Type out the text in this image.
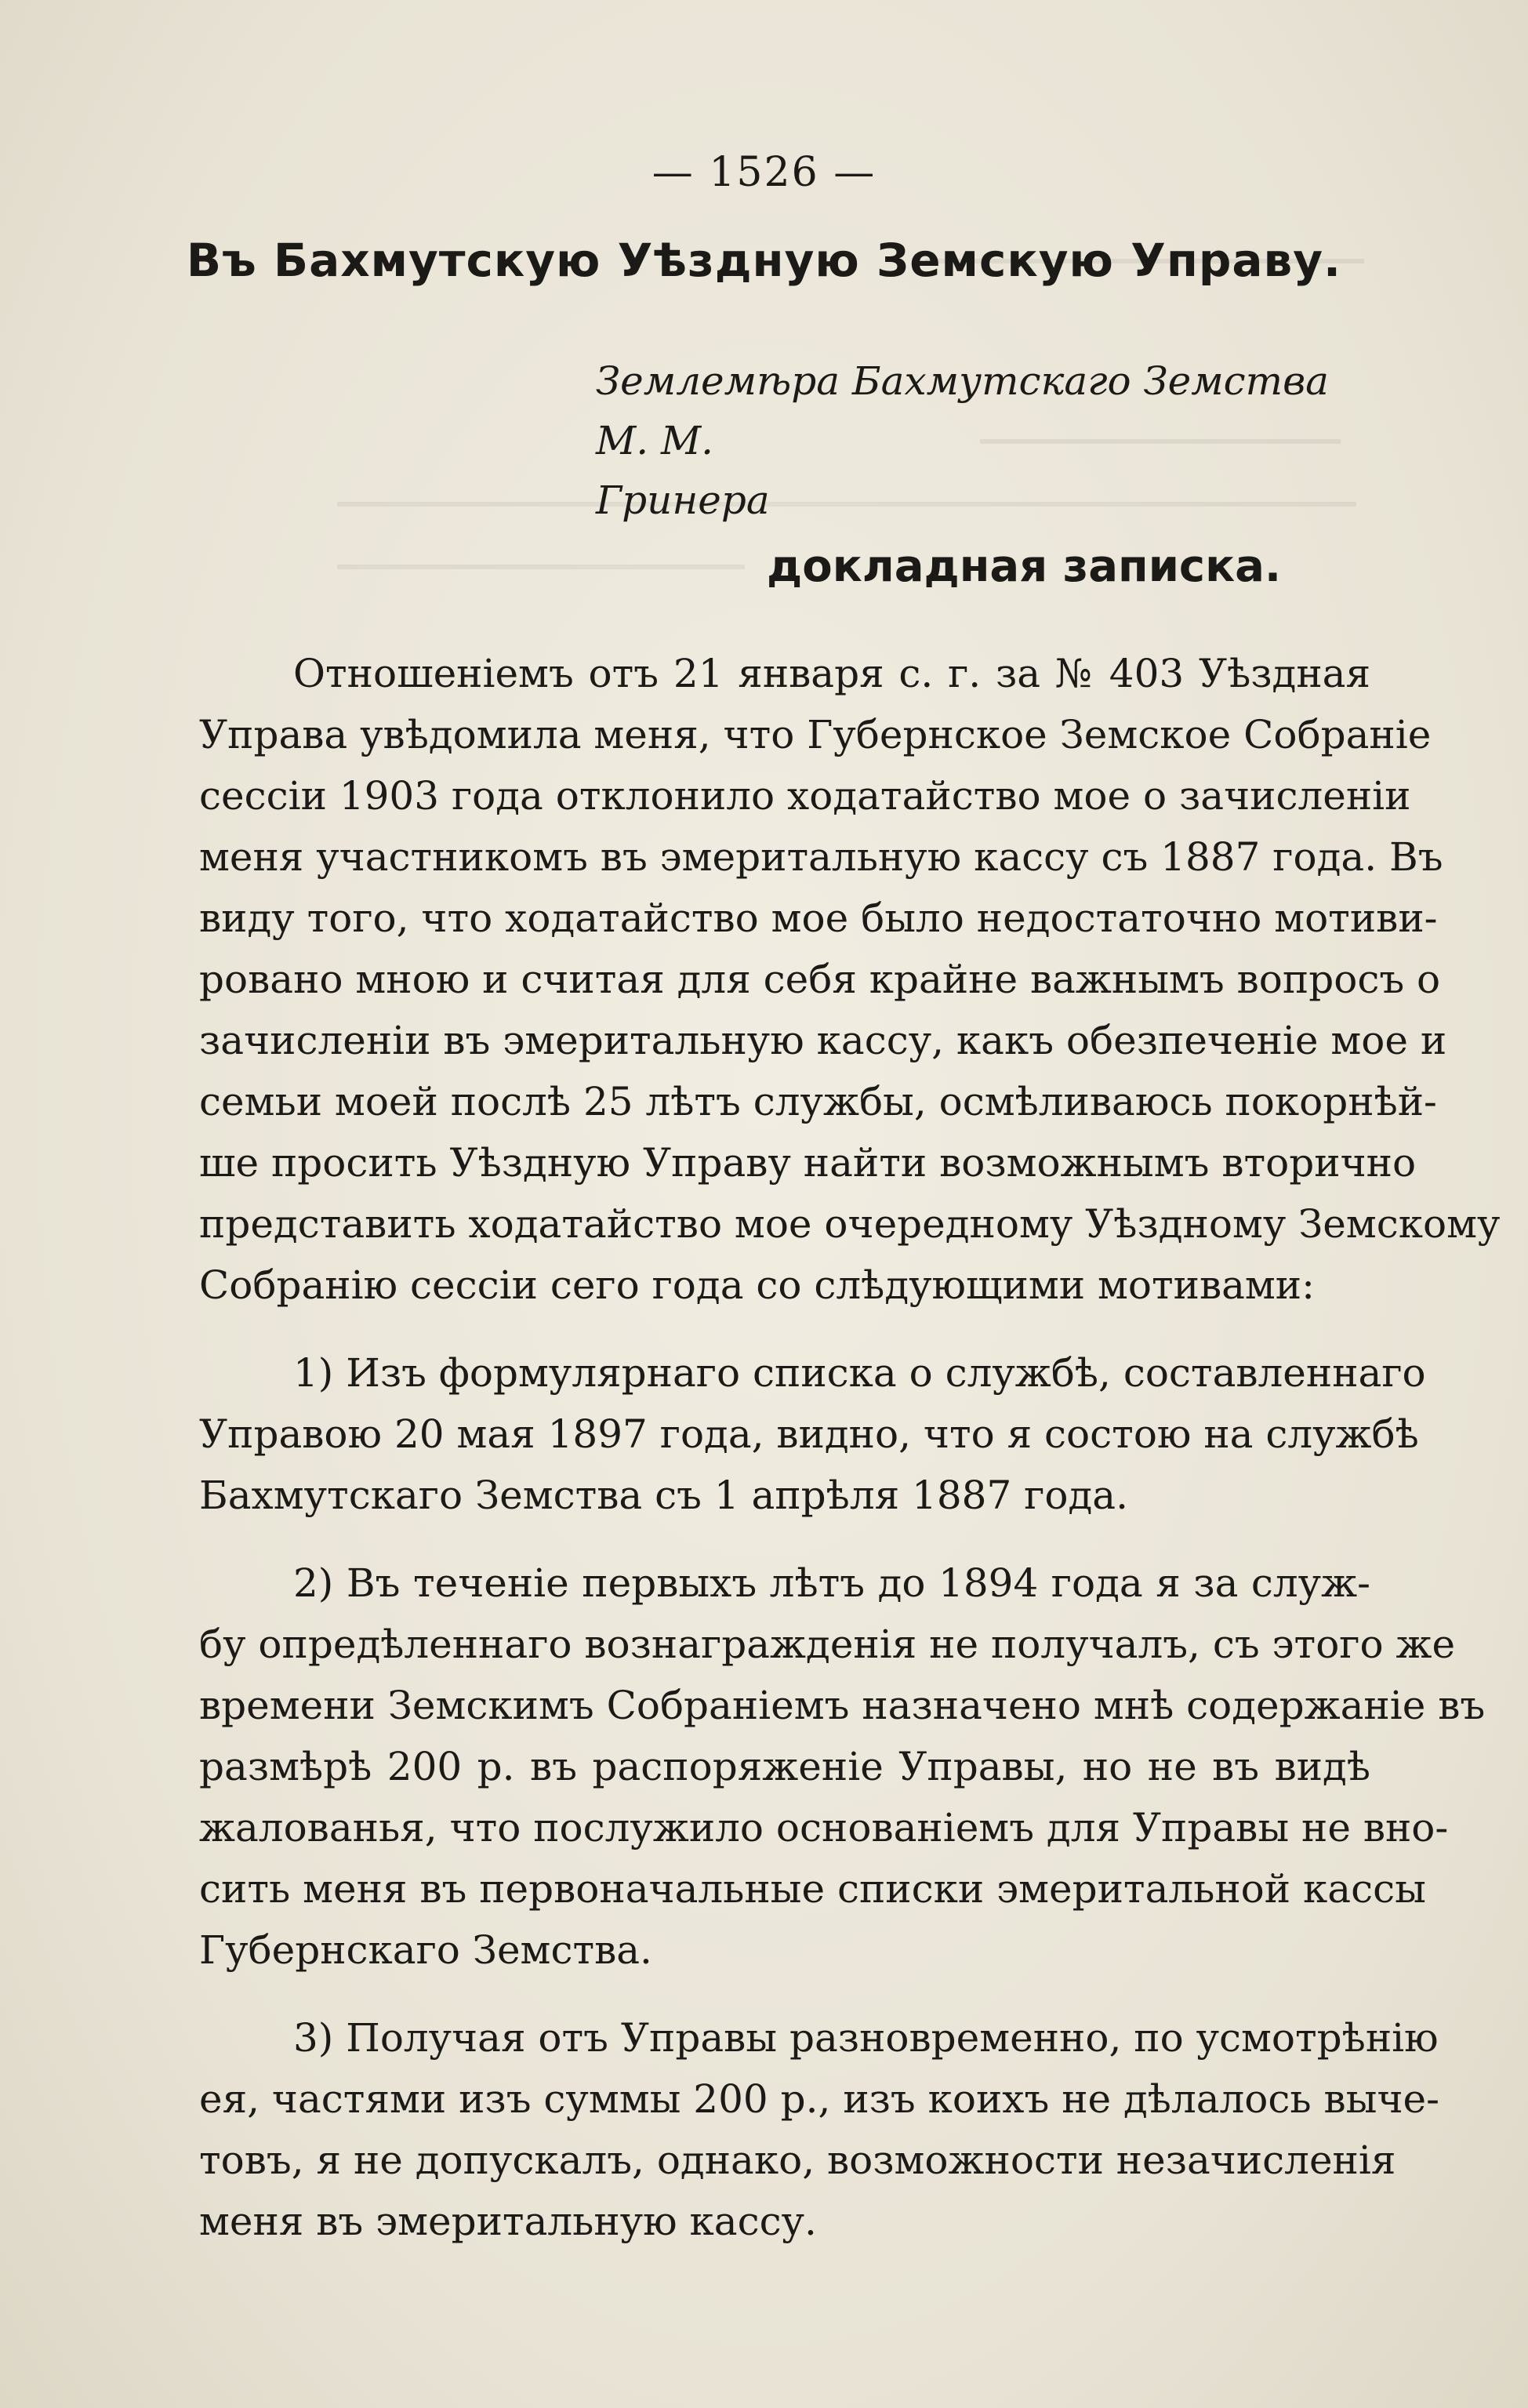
— 1526 —
Въ Бахмутскую Уѣздную Земскую Управу.
Землемѣра Бахмутскаго Земства М. М.
Гринера
докладная записка.
Отношеніемъ отъ 21 января с. г. за № 403 Уѣздная
Управа увѣдомила меня, что Губернское Земское Собраніе
сессіи 1903 года отклонило ходатайство мое о зачисленіи
меня участникомъ въ эмеритальную кассу съ 1887 года. Въ
виду того, что ходатайство мое было недостаточно мотиви-
ровано мною и считая для себя крайне важнымъ вопросъ о
зачисленіи въ эмеритальную кассу, какъ обезпеченіе мое и
семьи моей послѣ 25 лѣтъ службы, осмѣливаюсь покорнѣй-
ше просить Уѣздную Управу найти возможнымъ вторично
представить ходатайство мое очередному Уѣздному Земскому
Собранію сессіи сего года со слѣдующими мотивами:
1) Изъ формулярнаго списка о службѣ, составленнаго
Управою 20 мая 1897 года, видно, что я состою на службѣ
Бахмутскаго Земства съ 1 апрѣля 1887 года.
2) Въ теченіе первыхъ лѣтъ до 1894 года я за служ-
бу опредѣленнаго вознагражденія не получалъ, съ этого же
времени Земскимъ Собраніемъ назначено мнѣ содержаніе въ
размѣрѣ 200 р. въ распоряженіе Управы, но не въ видѣ
жалованья, что послужило основаніемъ для Управы не вно-
сить меня въ первоначальные списки эмеритальной кассы
Губернскаго Земства.
3) Получая отъ Управы разновременно, по усмотрѣнію
ея, частями изъ суммы 200 р., изъ коихъ не дѣлалось выче-
товъ, я не допускалъ, однако, возможности незачисленія
меня въ эмеритальную кассу.
